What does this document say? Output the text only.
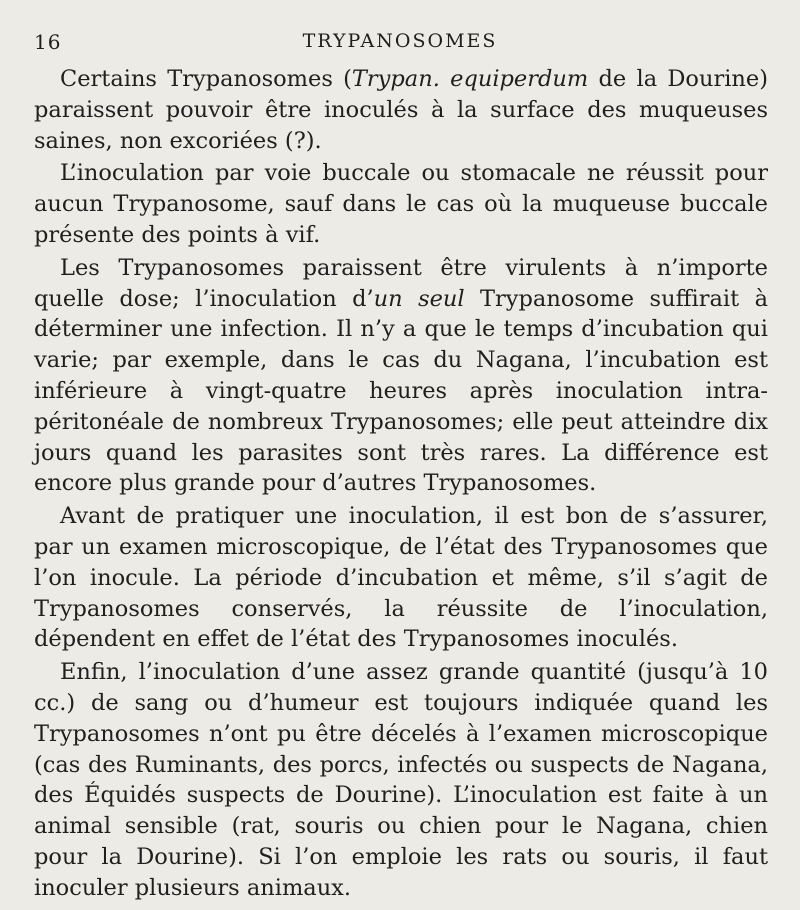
16	TRYPANOSOMES

Certains Trypanosomes (Trypan. equiperdum de la Dourine) paraissent pouvoir être inoculés à la surface des muqueuses saines, non excoriées (?).

L’inoculation par voie buccale ou stomacale ne réussit pour aucun Trypanosome, sauf dans le cas où la muqueuse buccale présente des points à vif.

Les Trypanosomes paraissent être virulents à n’importe quelle dose; l’inoculation d’un seul Trypanosome suffirait à déterminer une infection. Il n’y a que le temps d’incubation qui varie; par exemple, dans le cas du Nagana, l’incubation est inférieure à vingt-quatre heures après inoculation intra-péritonéale de nombreux Trypanosomes; elle peut atteindre dix jours quand les parasites sont très rares. La différence est encore plus grande pour d’autres Trypanosomes.

Avant de pratiquer une inoculation, il est bon de s’assurer, par un examen microscopique, de l’état des Trypanosomes que l’on inocule. La période d’incubation et même, s’il s’agit de Trypanosomes conservés, la réussite de l’inoculation, dépendent en effet de l’état des Trypanosomes inoculés.

Enfin, l’inoculation d’une assez grande quantité (jusqu’à 10 cc.) de sang ou d’humeur est toujours indiquée quand les Trypanosomes n’ont pu être décelés à l’examen microscopique (cas des Ruminants, des porcs, infectés ou suspects de Nagana, des Équidés suspects de Dourine). L’inoculation est faite à un animal sensible (rat, souris ou chien pour le Nagana, chien pour la Dourine). Si l’on emploie les rats ou souris, il faut inoculer plusieurs animaux.
